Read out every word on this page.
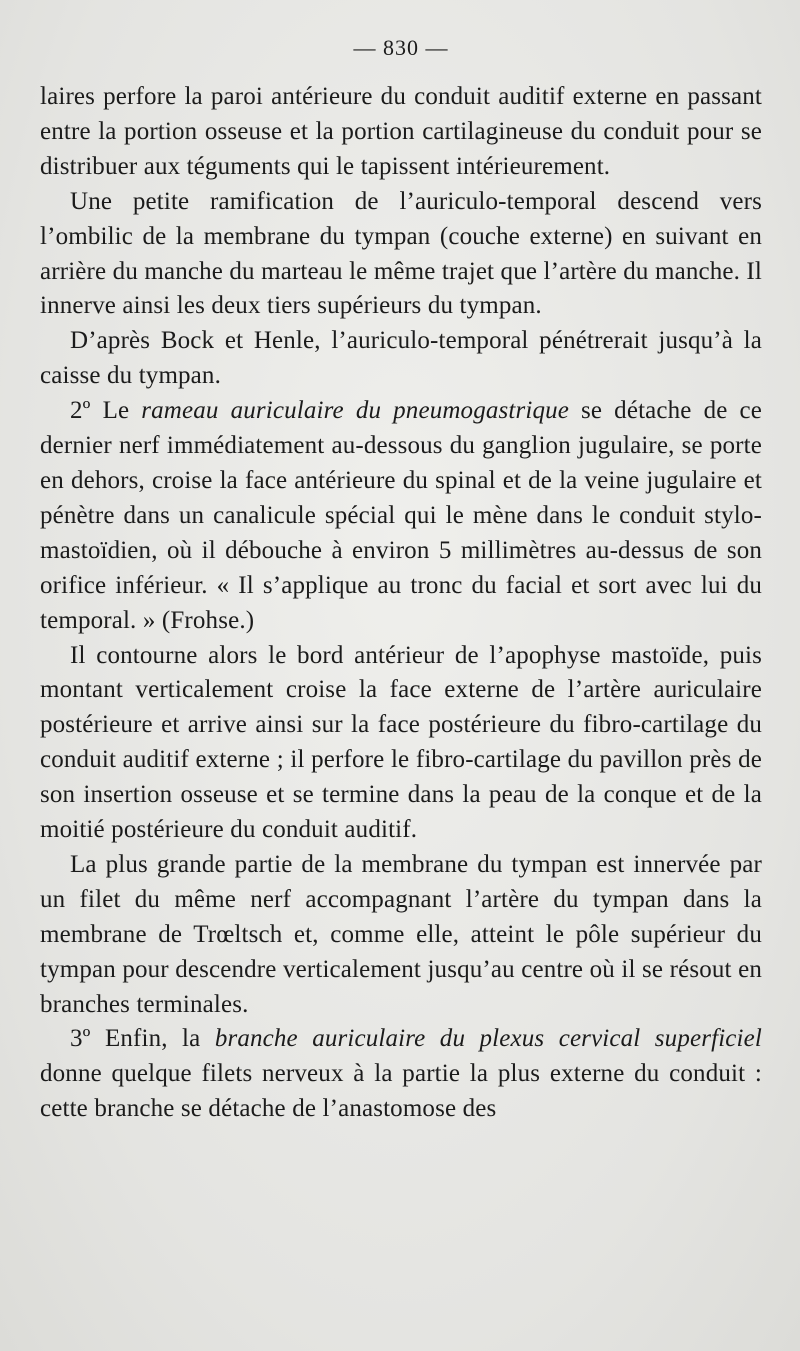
— 830 —

laires perfore la paroi antérieure du conduit auditif externe en passant entre la portion osseuse et la portion cartilagineuse du conduit pour se distribuer aux téguments qui le tapissent intérieurement.

Une petite ramification de l’auriculo-temporal descend vers l’ombilic de la membrane du tympan (couche externe) en suivant en arrière du manche du marteau le même trajet que l’artère du manche. Il innerve ainsi les deux tiers supérieurs du tympan.

D’après Bock et Henle, l’auriculo-temporal pénétrerait jusqu’à la caisse du tympan.

2º Le rameau auriculaire du pneumogastrique se détache de ce dernier nerf immédiatement au-dessous du ganglion jugulaire, se porte en dehors, croise la face antérieure du spinal et de la veine jugulaire et pénètre dans un canalicule spécial qui le mène dans le conduit stylo-mastoïdien, où il débouche à environ 5 millimètres au-dessus de son orifice inférieur. « Il s’applique au tronc du facial et sort avec lui du temporal. » (Frohse.)

Il contourne alors le bord antérieur de l’apophyse mastoïde, puis montant verticalement croise la face externe de l’artère auriculaire postérieure et arrive ainsi sur la face postérieure du fibro-cartilage du conduit auditif externe ; il perfore le fibro-cartilage du pavillon près de son insertion osseuse et se termine dans la peau de la conque et de la moitié postérieure du conduit auditif.

La plus grande partie de la membrane du tympan est innervée par un filet du même nerf accompagnant l’artère du tympan dans la membrane de Trœltsch et, comme elle, atteint le pôle supérieur du tympan pour descendre verticalement jusqu’au centre où il se résout en branches terminales.

3º Enfin, la branche auriculaire du plexus cervical superficiel donne quelque filets nerveux à la partie la plus externe du conduit : cette branche se détache de l’anastomose des
